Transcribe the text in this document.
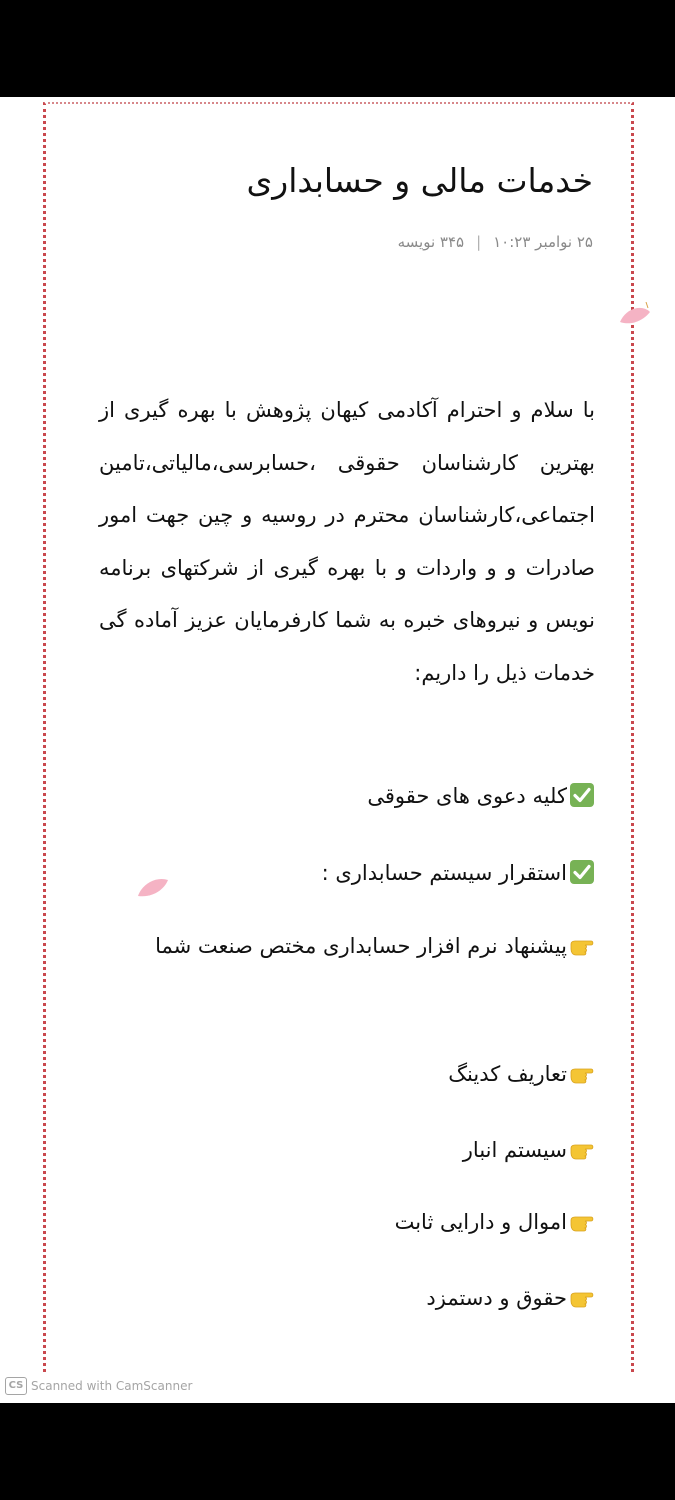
خدمات مالی و حسابداری
۲۵ نوامبر ۱۰:۲۳|۳۴۵ نویسه

با سلام و احترام آکادمی کیهان پژوهش با بهره گیری از بهترین کارشناسان حقوقی ،حسابرسی،مالیاتی،تامین اجتماعی،کارشناسان محترم در روسیه و چین جهت امور صادرات و و واردات و با بهره گیری از شرکتهای برنامه نویس و نیروهای خبره به شما کارفرمایان عزیز آماده گی خدمات ذیل را داریم:

کلیه دعوی های حقوقی

استقرار سیستم حسابداری :

پیشنهاد نرم افزار حسابداری مختص صنعت شما

تعاریف کدینگ

سیستم انبار

اموال و دارایی ثابت

حقوق و دستمزد

CS Scanned with CamScanner
